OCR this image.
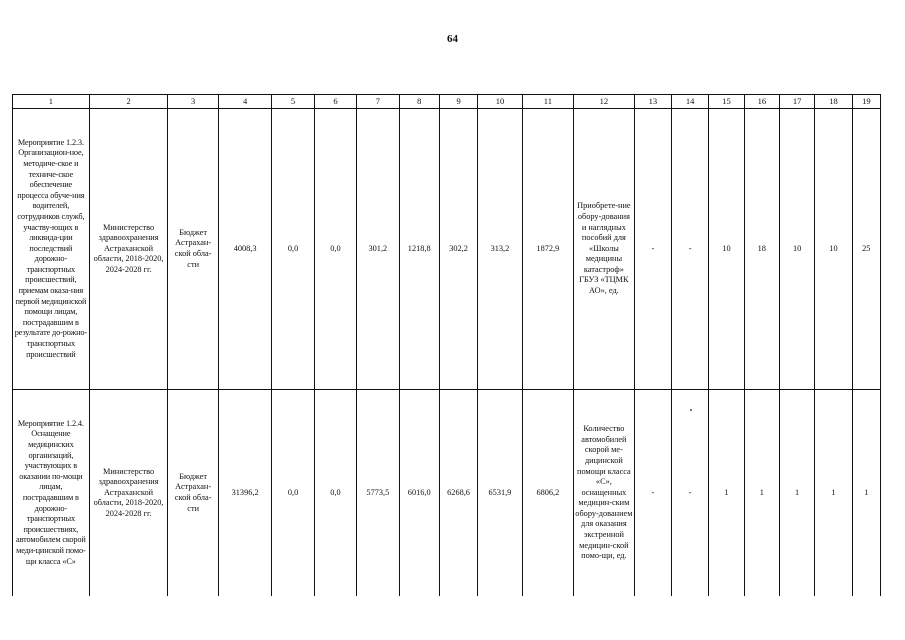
64
1	2	3	4	5	6	7	8	9	10	11	12	13	14	15	16	17	18	19
Мероприятие 1.2.3. Организацион-ное, методиче-ское и техниче-ское обеспечение процесса обуче-ния водителей, сотрудников служб, участву-ющих в ликвида-ции последствий дорожно-транспортных происшествий, приемам оказа-ния первой медицинской помощи лицам, пострадавшим в результате до-рожно-транспортных происшествий	Министерство здравоохранения Астраханской области, 2018-2020, 2024-2028 гг.	Бюджет Астрахан-ской обла-сти	4008,3	0,0	0,0	301,2	1218,8	302,2	313,2	1872,9	Приобрете-ние обору-дования и наглядных пособий для «Школы медицины катастроф» ГБУЗ «ТЦМК АО», ед.	-	-	10	18	10	10	25
Мероприятие 1.2.4. Оснащение медицинских организаций, участвующих в оказании по-мощи лицам, пострадавшим в дорожно-транспортных происшествиях, автомобилем скорой меди-цинской помо-щи класса «С»	Министерство здравоохранения Астраханской области, 2018-2020, 2024-2028 гг.	Бюджет Астрахан-ской обла-сти	31396,2	0,0	0,0	5773,5	6016,0	6268,6	6531,9	6806,2	Количество автомобилей скорой ме-дицинской помощи класса «С», оснащенных медицин-ским обору-дованием для оказания экстренной медицин-ской помо-щи, ед.	-	-	1	1	1	1	1
